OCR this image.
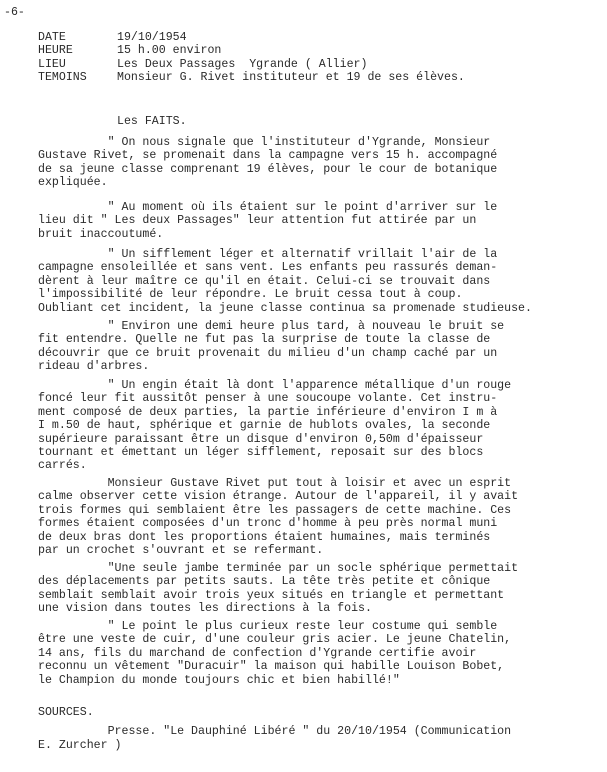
-6-
DATE	19/10/1954
HEURE	15 h.00 environ
LIEU	Les Deux Passages  Ygrande ( Allier)
TEMOINS	Monsieur G. Rivet instituteur et 19 de ses élèves.
Les FAITS.
" On nous signale que l'instituteur d'Ygrande, Monsieur
Gustave Rivet, se promenait dans la campagne vers 15 h. accompagné
de sa jeune classe comprenant 19 élèves, pour le cour de botanique
expliquée.
" Au moment où ils étaient sur le point d'arriver sur le
lieu dit " Les deux Passages" leur attention fut attirée par un
bruit inaccoutumé.
" Un sifflement léger et alternatif vrillait l'air de la
campagne ensoleillée et sans vent. Les enfants peu rassurés deman-
dèrent à leur maître ce qu'il en était. Celui-ci se trouvait dans
l'impossibilité de leur répondre. Le bruit cessa tout à coup.
Oubliant cet incident, la jeune classe continua sa promenade studieuse.
" Environ une demi heure plus tard, à nouveau le bruit se
fit entendre. Quelle ne fut pas la surprise de toute la classe de
découvrir que ce bruit provenait du milieu d'un champ caché par un
rideau d'arbres.
" Un engin était là dont l'apparence métallique d'un rouge
foncé leur fit aussitôt penser à une soucoupe volante. Cet instru-
ment composé de deux parties, la partie inférieure d'environ I m à
I m.50 de haut, sphérique et garnie de hublots ovales, la seconde
supérieure paraissant être un disque d'environ 0,50m d'épaisseur
tournant et émettant un léger sifflement, reposait sur des blocs
carrés.
Monsieur Gustave Rivet put tout à loisir et avec un esprit
calme observer cette vision étrange. Autour de l'appareil, il y avait
trois formes qui semblaient être les passagers de cette machine. Ces
formes étaient composées d'un tronc d'homme à peu près normal muni
de deux bras dont les proportions étaient humaines, mais terminés
par un crochet s'ouvrant et se refermant.
"Une seule jambe terminée par un socle sphérique permettait
des déplacements par petits sauts. La tête très petite et cônique
semblait semblait avoir trois yeux situés en triangle et permettant
une vision dans toutes les directions à la fois.
" Le point le plus curieux reste leur costume qui semble
être une veste de cuir, d'une couleur gris acier. Le jeune Chatelin,
14 ans, fils du marchand de confection d'Ygrande certifie avoir
reconnu un vêtement "Duracuir" la maison qui habille Louison Bobet,
le Champion du monde toujours chic et bien habillé!"
SOURCES.
Presse. "Le Dauphiné Libéré " du 20/10/1954 (Communication
E. Zurcher )
